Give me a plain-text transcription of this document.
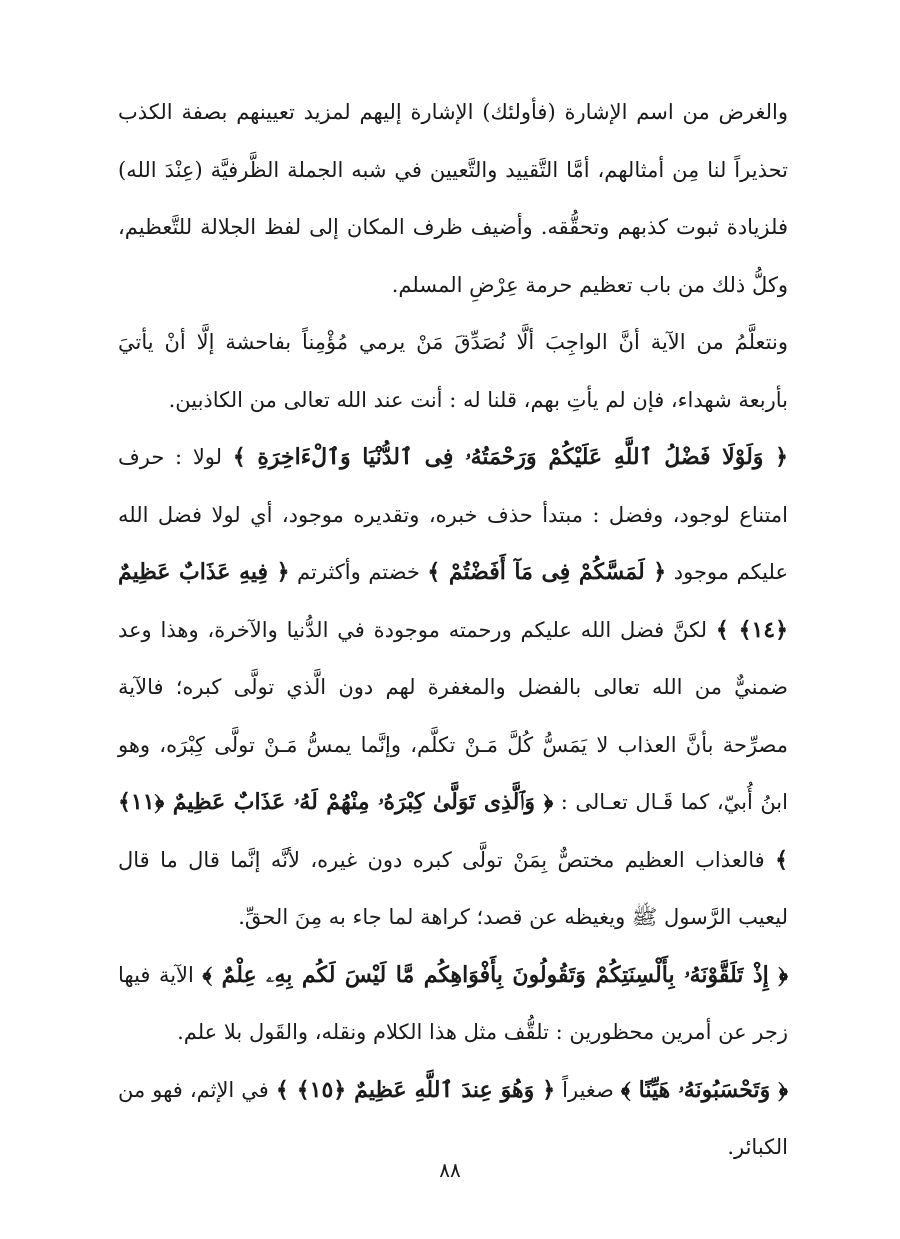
والغرض من اسم الإشارة (فأولئك) الإشارة إليهم لمزيد تعيينهم بصفة الكذب تحذيراً لنا مِن أمثالهم، أمَّا التَّقييد والتَّعيين في شبه الجملة الظَّرفيَّة (عِنْدَ الله) فلزيادة ثبوت كذبهم وتحقُّقه. وأضيف ظرف المكان إلى لفظ الجلالة للتَّعظيم، وكلُّ ذلك من باب تعظيم حرمة عِرْضِ المسلم.

ونتعلَّمُ من الآية أنَّ الواجِبَ ألَّا نُصَدِّقَ مَنْ يرمي مُؤْمِناً بفاحشة إلَّا أنْ يأتيَ بأربعة شهداء، فإن لم يأتِ بهم، قلنا له : أنت عند الله تعالى من الكاذبين.

﴿ وَلَوْلَا فَضْلُ ٱللَّهِ عَلَيْكُمْ وَرَحْمَتُهُۥ فِى ٱلدُّنْيَا وَٱلْءَاخِرَةِ ﴾ لولا : حرف امتناع لوجود، وفضل : مبتدأ حذف خبره، وتقديره موجود، أي لولا فضل الله عليكم موجود ﴿ لَمَسَّكُمْ فِى مَآ أَفَضْتُمْ ﴾ خضتم وأكثرتم ﴿ فِيهِ عَذَابٌ عَظِيمٌ ﴿١٤﴾ ﴾ لكنَّ فضل الله عليكم ورحمته موجودة في الدُّنيا والآخرة، وهذا وعد ضمنيٌّ من الله تعالى بالفضل والمغفرة لهم دون الَّذي تولَّى كبره؛ فالآية مصرِّحة بأنَّ العذاب لا يَمَسُّ كُلَّ مَـنْ تكلَّم، وإنَّما يمسُّ مَـنْ تولَّى كِبْرَه، وهو ابنُ أُبيّ، كما قَـال تعـالى : ﴿ وَٱلَّذِى تَوَلَّىٰ كِبْرَهُۥ مِنْهُمْ لَهُۥ عَذَابٌ عَظِيمٌ ﴿١١﴾ ﴾ فالعذاب العظيم مختصٌّ بِمَنْ تولَّى كبره دون غيره، لأنَّه إنَّما قال ما قال ليعيب الرَّسول ﷺ ويغيظه عن قصد؛ كراهة لما جاء به مِنَ الحقِّ.

﴿ إِذْ تَلَقَّوْنَهُۥ بِأَلْسِنَتِكُمْ وَتَقُولُونَ بِأَفْوَاهِكُم مَّا لَيْسَ لَكُم بِهِۦ عِلْمٌ ﴾ الآية فيها زجر عن أمرين محظورين : تلقُّف مثل هذا الكلام ونقله، والقَول بلا علم.

﴿ وَتَحْسَبُونَهُۥ هَيِّنًا ﴾ صغيراً ﴿ وَهُوَ عِندَ ٱللَّهِ عَظِيمٌ ﴿١٥﴾ ﴾ في الإثم، فهو من الكبائر.

٨٨
